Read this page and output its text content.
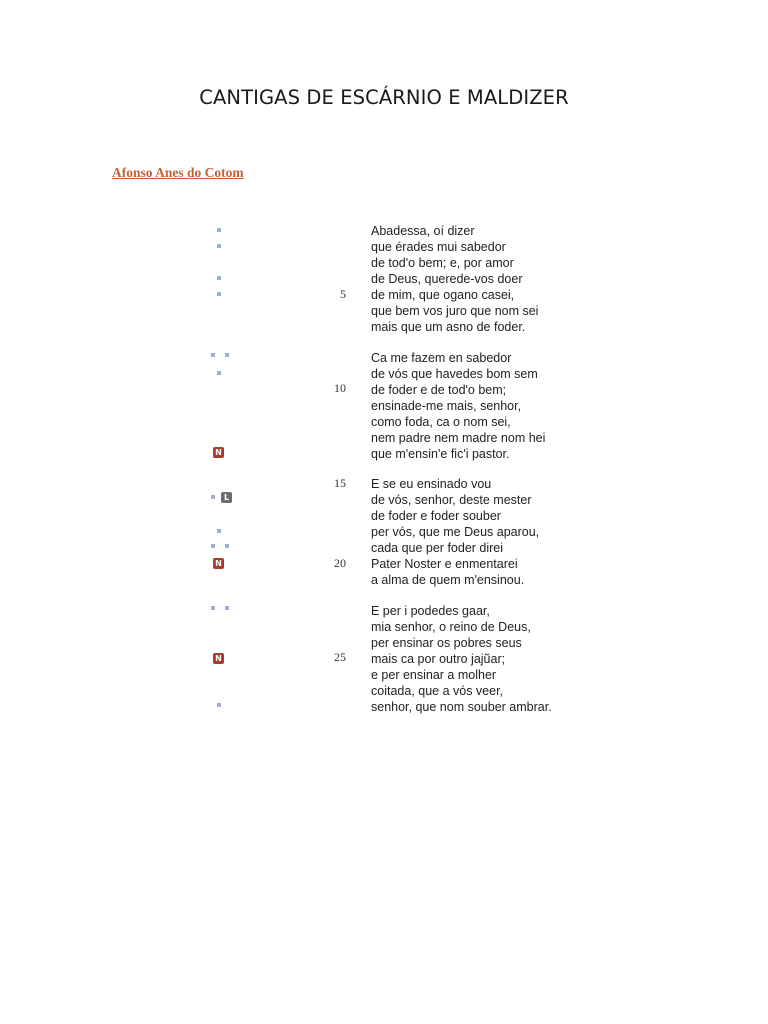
CANTIGAS DE ESCÁRNIO E MALDIZER
Afonso Anes do Cotom
Abadessa, oí dizer
que érades mui sabedor
de tod'o bem; e, por amor
de Deus, querede-vos doer
de mim, que ogano casei,
que bem vos juro que nom sei
mais que um asno de foder.
Ca me fazem en sabedor
de vós que havedes bom sem
de foder e de tod'o bem;
ensinade-me mais, senhor,
como foda, ca o nom sei,
nem padre nem madre nom hei
que m'ensin'e fic'i pastor.
E se eu ensinado vou
de vós, senhor, deste mester
de foder e foder souber
per vós, que me Deus aparou,
cada que per foder direi
Pater Noster e enmentarei
a alma de quem m'ensinou.
E per i podedes gaar,
mia senhor, o reino de Deus,
per ensinar os pobres seus
mais ca por outro jajũar;
e per ensinar a molher
coitada, que a vós veer,
senhor, que nom souber ambrar.
5
10
15
20
25
N
L
N
N
